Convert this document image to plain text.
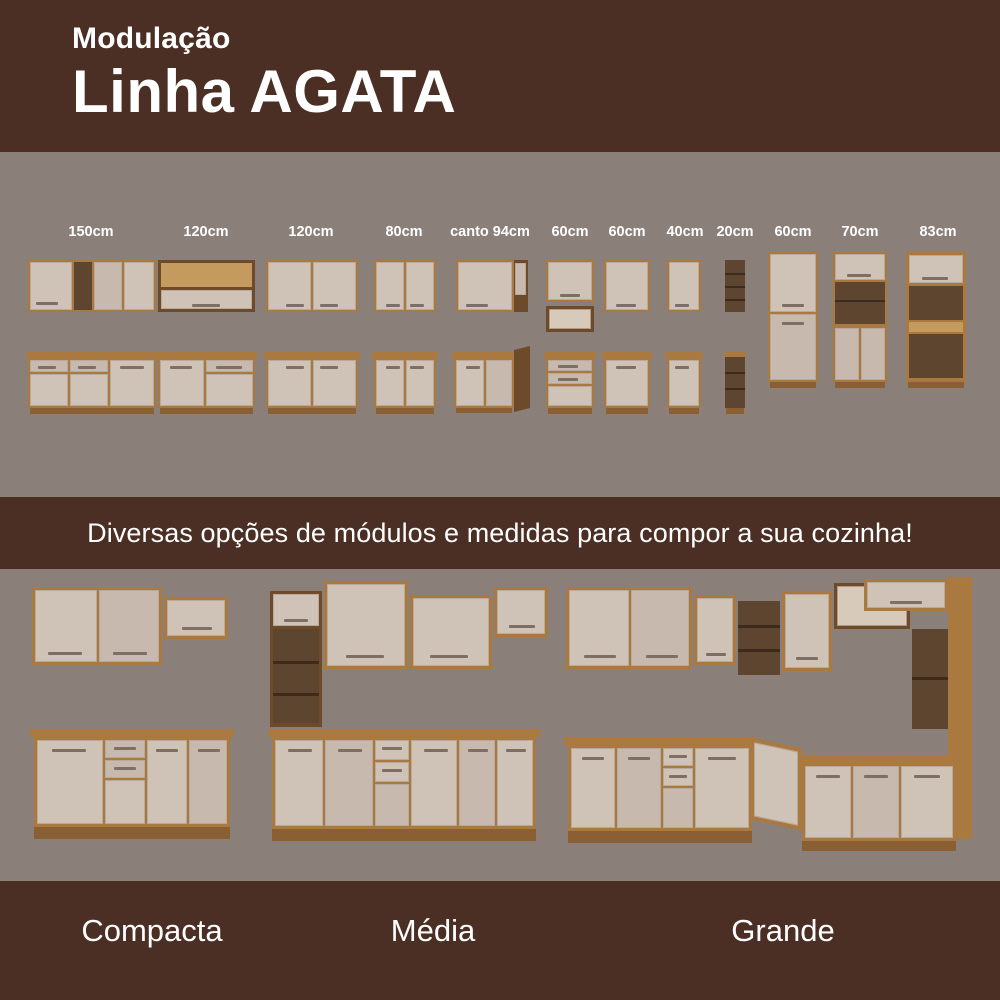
Modulação
Linha AGATA
150cm	120cm	120cm	80cm canto 94cm 60cm 60cm 40cm 20cm 60cm 70cm	83cm
Diversas opções de módulos e medidas para compor a sua cozinha!
Compacta	Média	Grande
